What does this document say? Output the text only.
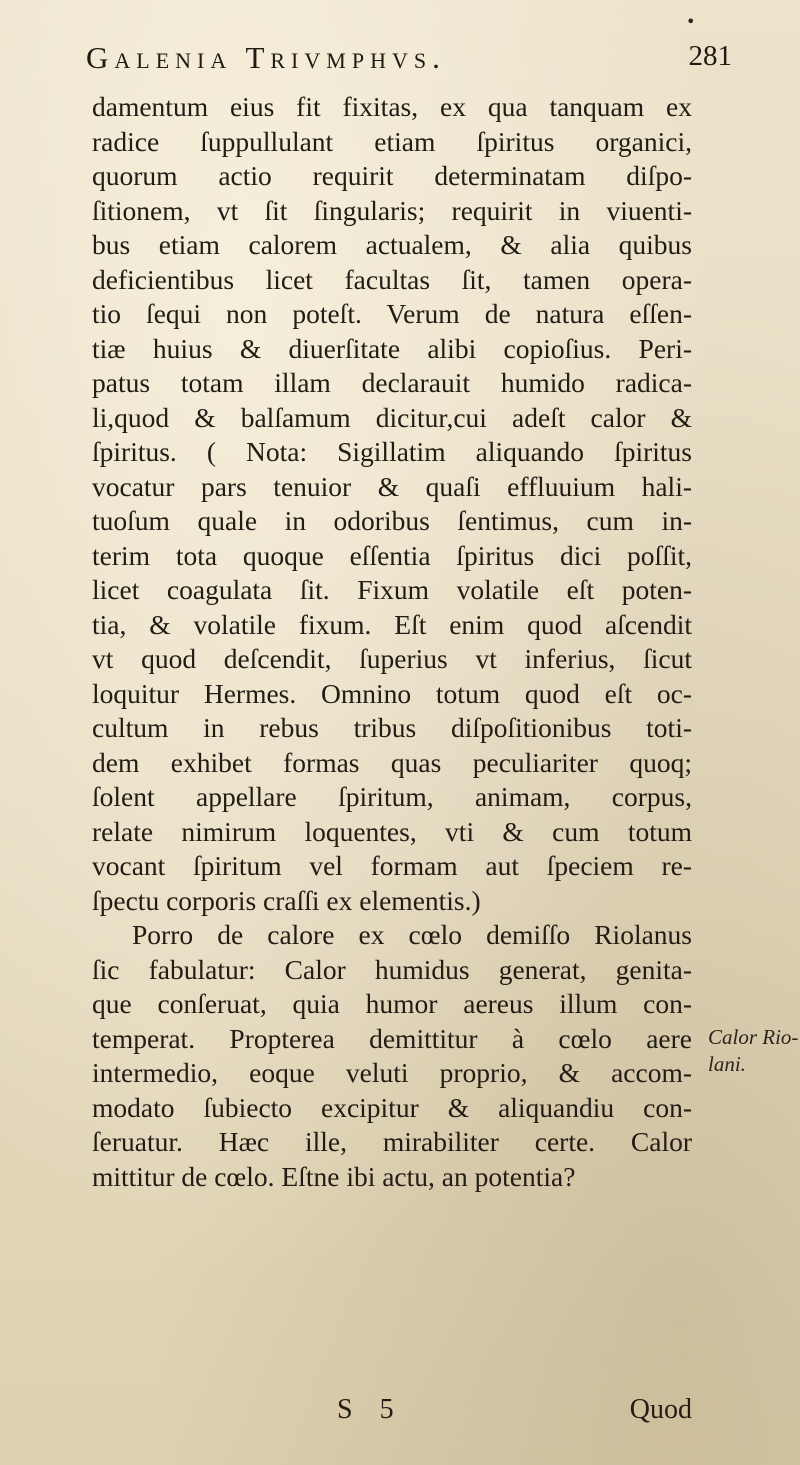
•
Galenia Trivmphvs.	281
damentum eius fit fixitas, ex qua tanquam ex
radice ſuppullulant etiam ſpiritus organici,
quorum actio requirit determinatam diſpo-
ſitionem, vt ſit ſingularis; requirit in viuenti-
bus etiam calorem actualem, & alia quibus
deficientibus licet facultas ſit, tamen opera-
tio ſequi non poteſt. Verum de natura eſſen-
tiæ huius & diuerſitate alibi copioſius. Peri-
patus totam illam declarauit humido radica-
li,quod & balſamum dicitur,cui adeſt calor &
ſpiritus. ( Nota: Sigillatim aliquando ſpiritus
vocatur pars tenuior & quaſi effluuium hali-
tuoſum quale in odoribus ſentimus, cum in-
terim tota quoque eſſentia ſpiritus dici poſſit,
licet coagulata ſit. Fixum volatile eſt poten-
tia, & volatile fixum. Eſt enim quod aſcendit
vt quod deſcendit, ſuperius vt inferius, ſicut
loquitur Hermes. Omnino totum quod eſt oc-
cultum in rebus tribus diſpoſitionibus toti-
dem exhibet formas quas peculiariter quoq;
ſolent appellare ſpiritum, animam, corpus,
relate nimirum loquentes, vti & cum totum
vocant ſpiritum vel formam aut ſpeciem re-
ſpectu corporis craſſi ex elementis.)
Porro de calore ex cœlo demiſſo Riolanus
ſic fabulatur: Calor humidus generat, genita-
que conſeruat, quia humor aereus illum con-
temperat. Propterea demittitur à cœlo aere
intermedio, eoque veluti proprio, & accom-
modato ſubiecto excipitur & aliquandiu con-
ſeruatur. Hæc ille, mirabiliter certe. Calor
mittitur de cœlo. Eſtne ibi actu, an potentia?
Calor Rio-
lani.
S 5	Quod
